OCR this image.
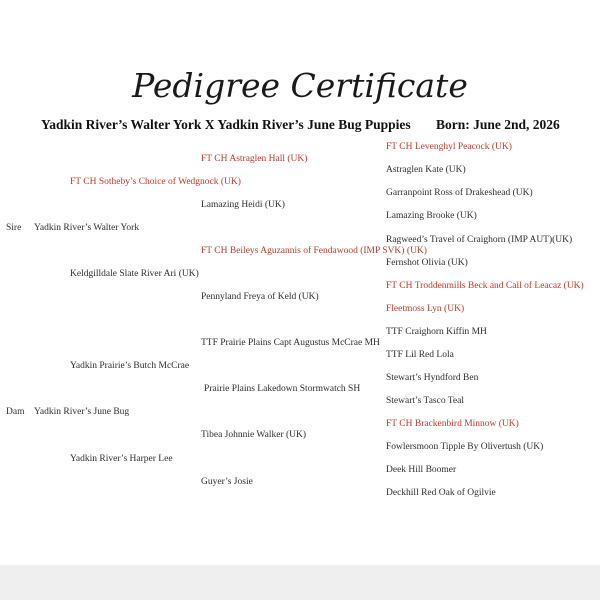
Pedigree Certificate
Yadkin River’s Walter York X Yadkin River’s June Bug Puppies Born: June 2nd, 2026
Sire Yadkin River’s Walter York
Dam Yadkin River’s June Bug
FT CH Sotheby’s Choice of Wedgnock (UK)
Keldgilldale Slate River Ari (UK)
Yadkin Prairie’s Butch McCrae
Yadkin River’s Harper Lee
FT CH Astraglen Hall (UK)
Lamazing Heidi (UK)
FT CH Beileys Aguzannis of Fendawood (IMP SVK) (UK)
Pennyland Freya of Keld (UK)
TTF Prairie Plains Capt Augustus McCrae MH
Prairie Plains Lakedown Stormwatch SH
Tibea Johnnie Walker (UK)
Guyer’s Josie
FT CH Levenghyl Peacock (UK)
Astraglen Kate (UK)
Garranpoint Ross of Drakeshead (UK)
Lamazing Brooke (UK)
Ragweed’s Travel of Craighorn (IMP AUT)(UK)
Fernshot Olivia (UK)
FT CH Troddenmills Beck and Call of Leacaz (UK)
Fleetmoss Lyn (UK)
TTF Craighorn Kiffin MH
TTF Lil Red Lola
Stewart’s Hyndford Ben
Stewart’s Tasco Teal
FT CH Brackenbird Minnow (UK)
Fowlersmoon Tipple By Olivertush (UK)
Deek Hill Boomer
Deckhill Red Oak of Ogilvie
